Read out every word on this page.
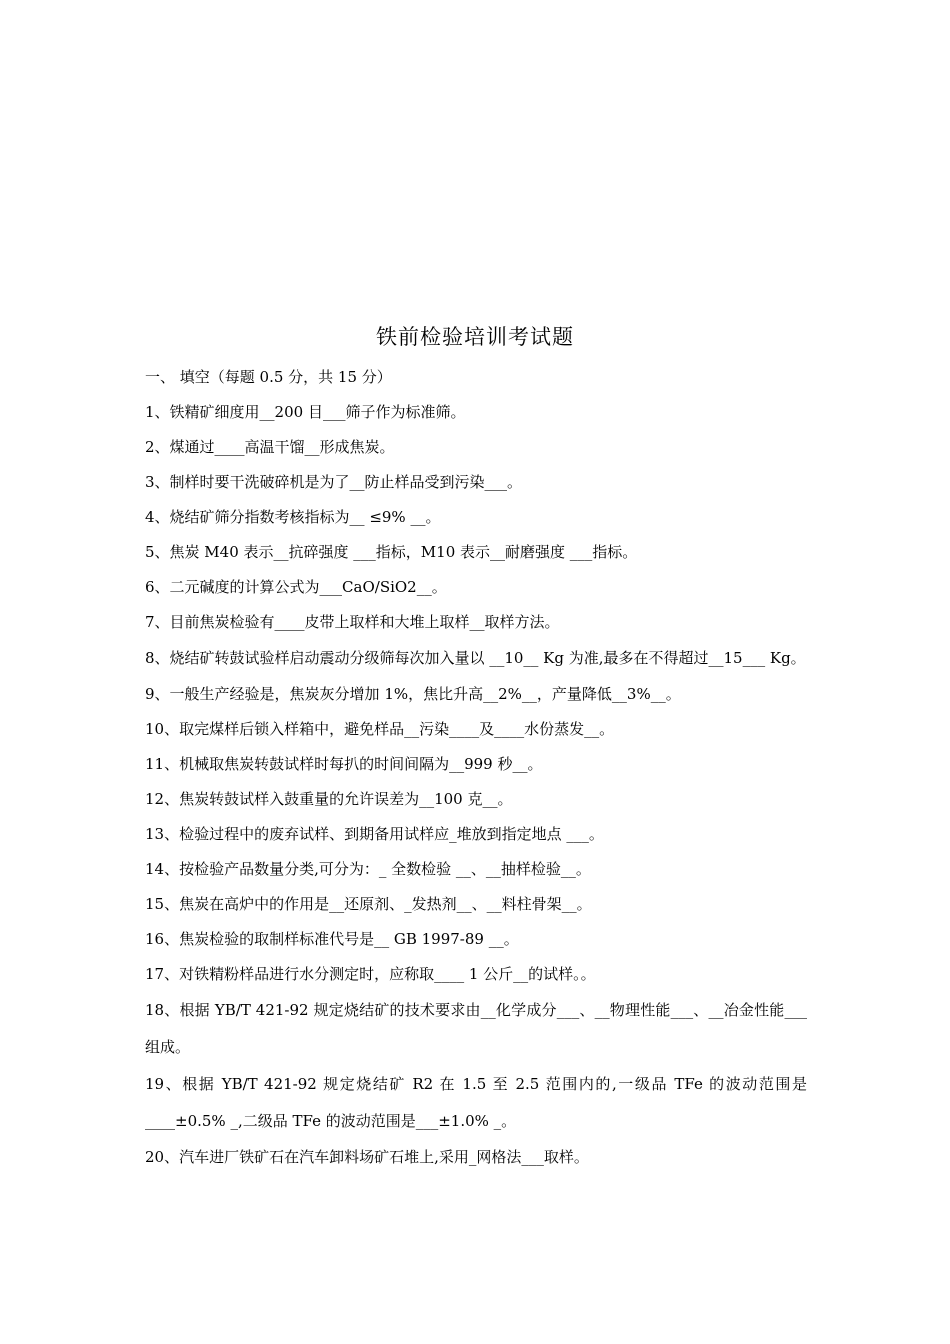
铁前检验培训考试题
一、 填空（每题 0.5 分，共 15 分）
1、铁精矿细度用__200 目___筛子作为标准筛。
2、煤通过____高温干馏__形成焦炭。
3、制样时要干洗破碎机是为了__防止样品受到污染___。
4、烧结矿筛分指数考核指标为__ ≤9% __。
5、焦炭 M40 表示__抗碎强度 ___指标，M10 表示__耐磨强度 ___指标。
6、二元碱度的计算公式为___CaO/SiO2__。
7、目前焦炭检验有____皮带上取样和大堆上取样__取样方法。
8、烧结矿转鼓试验样启动震动分级筛每次加入量以 __10__ Kg 为准,最多在不得超过__15___ Kg。
9、一般生产经验是，焦炭灰分增加 1%，焦比升高__2%__，产量降低__3%__。
10、取完煤样后锁入样箱中，避免样品__污染____及____水份蒸发__。
11、机械取焦炭转鼓试样时每扒的时间间隔为__999 秒__。
12、焦炭转鼓试样入鼓重量的允许误差为__100 克__。
13、检验过程中的废弃试样、到期备用试样应_堆放到指定地点 ___。
14、按检验产品数量分类,可分为：_ 全数检验 __、__抽样检验__。
15、焦炭在高炉中的作用是__还原剂、_发热剂__、__料柱骨架__。
16、焦炭检验的取制样标准代号是__ GB 1997-89 __。
17、对铁精粉样品进行水分测定时，应称取____ 1 公斤__的试样。。
18、根据 YB/T 421-92 规定烧结矿的技术要求由__化学成分___、__物理性能___、__冶金性能___组成。
19、根据 YB/T 421-92 规定烧结矿 R2 在 1.5 至 2.5 范围内的,一级品 TFe 的波动范围是____±0.5% _,二级品 TFe 的波动范围是___±1.0% _。
20、汽车进厂铁矿石在汽车卸料场矿石堆上,采用_网格法___取样。
